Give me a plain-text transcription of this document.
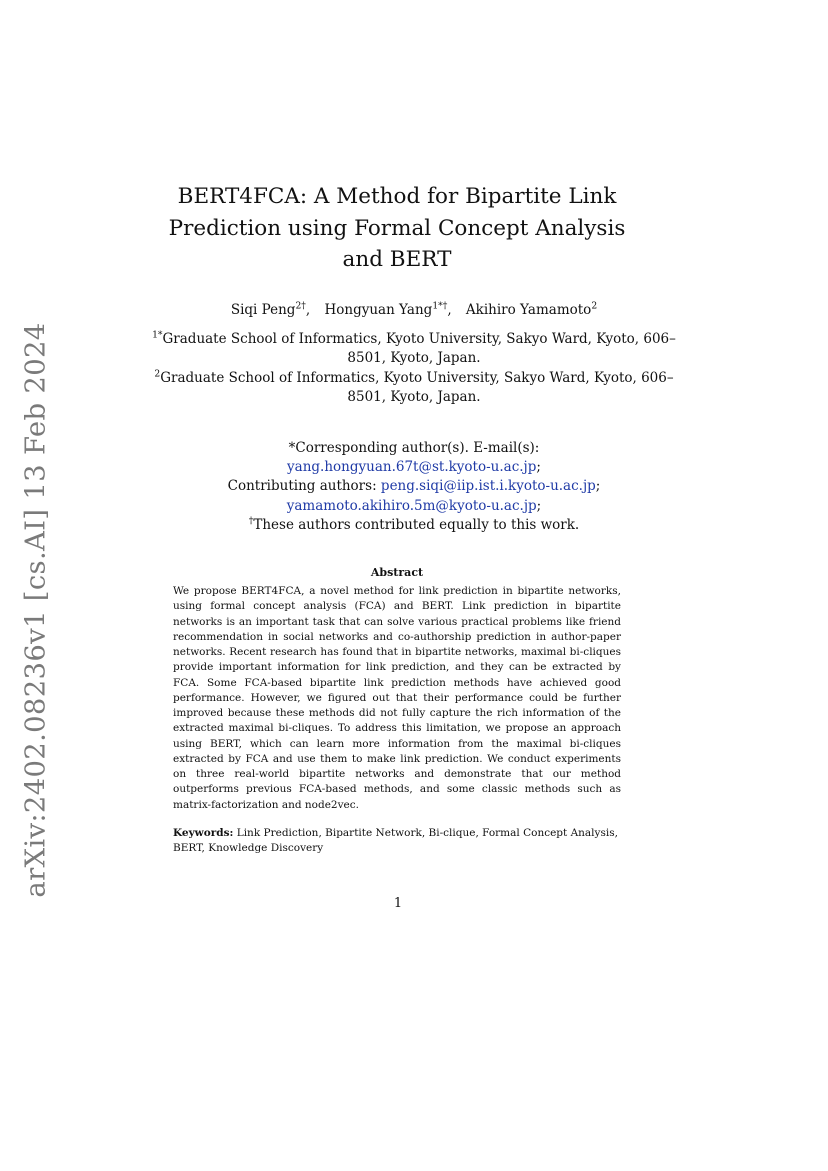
arXiv:2402.08236v1 [cs.AI] 13 Feb 2024
BERT4FCA: A Method for Bipartite Link Prediction using Formal Concept Analysis and BERT
Siqi Peng$^{2\dagger}$, Hongyuan Yang$^{1*\dagger}$, Akihiro Yamamoto$^2$
$^{1*}$Graduate School of Informatics, Kyoto University, Sakyo Ward, Kyoto, 606–8501, Kyoto, Japan.
$^2$Graduate School of Informatics, Kyoto University, Sakyo Ward, Kyoto, 606–8501, Kyoto, Japan.
*Corresponding author(s). E-mail(s):
yang.hongyuan.67t@st.kyoto-u.ac.jp;
Contributing authors: peng.siqi@iip.ist.i.kyoto-u.ac.jp;
yamamoto.akihiro.5m@kyoto-u.ac.jp;
†These authors contributed equally to this work.
Abstract

We propose BERT4FCA, a novel method for link prediction in bipartite networks, using formal concept analysis (FCA) and BERT. Link prediction in bipartite networks is an important task that can solve various practical problems like friend recommendation in social networks and co-authorship prediction in author-paper networks. Recent research has found that in bipartite networks, maximal bi-cliques provide important information for link prediction, and they can be extracted by FCA. Some FCA-based bipartite link prediction methods have achieved good performance. However, we figured out that their performance could be further improved because these methods did not fully capture the rich information of the extracted maximal bi-cliques. To address this limitation, we propose an approach using BERT, which can learn more information from the maximal bi-cliques extracted by FCA and use them to make link prediction. We conduct experiments on three real-world bipartite networks and demonstrate that our method outperforms previous FCA-based methods, and some classic methods such as matrix-factorization and node2vec.

Keywords: Link Prediction, Bipartite Network, Bi-clique, Formal Concept Analysis, BERT, Knowledge Discovery

1
